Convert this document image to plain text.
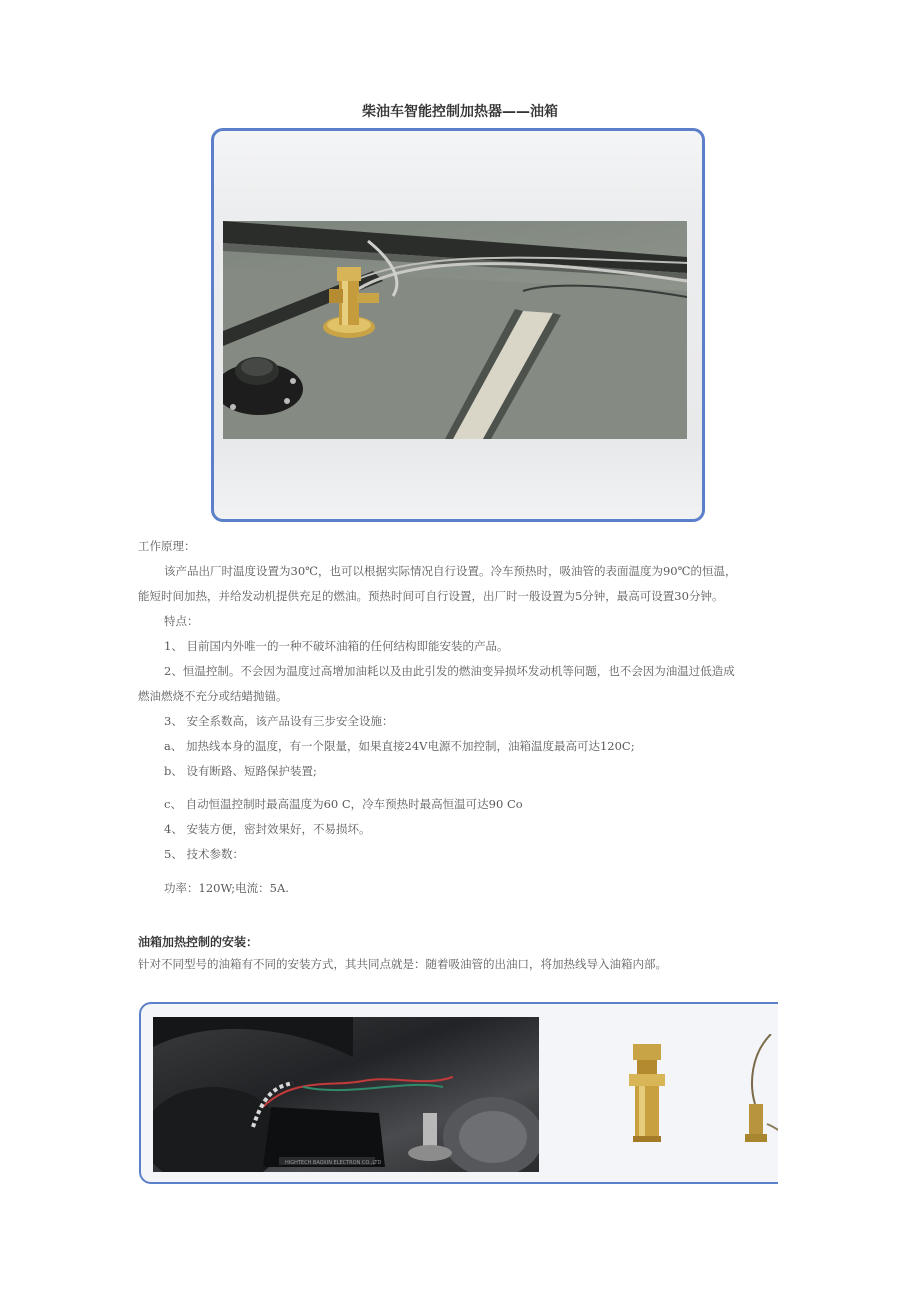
柴油车智能控制加热器——油箱
工作原理：
该产品出厂时温度设置为30℃，也可以根据实际情况自行设置。冷车预热时，吸油管的表面温度为90℃的恒温，
能短时间加热，并给发动机提供充足的燃油。预热时间可自行设置，出厂时一般设置为5分钟，最高可设置30分钟。
特点：
1、 目前国内外唯一的一种不破坏油箱的任何结构即能安装的产品。
2、恒温控制。不会因为温度过高增加油耗以及由此引发的燃油变异损坏发动机等问题，也不会因为油温过低造成
燃油燃烧不充分或结蜡抛锚。
3、 安全系数高，该产品设有三步安全设施：
a、 加热线本身的温度，有一个限量，如果直接24V电源不加控制，油箱温度最高可达120C;
b、 设有断路、短路保护装置;
c、 自动恒温控制时最高温度为60 C，冷车预热时最高恒温可达90 Co
4、 安装方便，密封效果好，不易损坏。
5、 技术参数：
功率：120W;电流：5A.
油箱加热控制的安装：
针对不同型号的油箱有不同的安装方式，其共同点就是：随着吸油管的出油口，将加热线导入油箱内部。
HIGHTECH BAOXIN ELECTRON CO.,LTD
